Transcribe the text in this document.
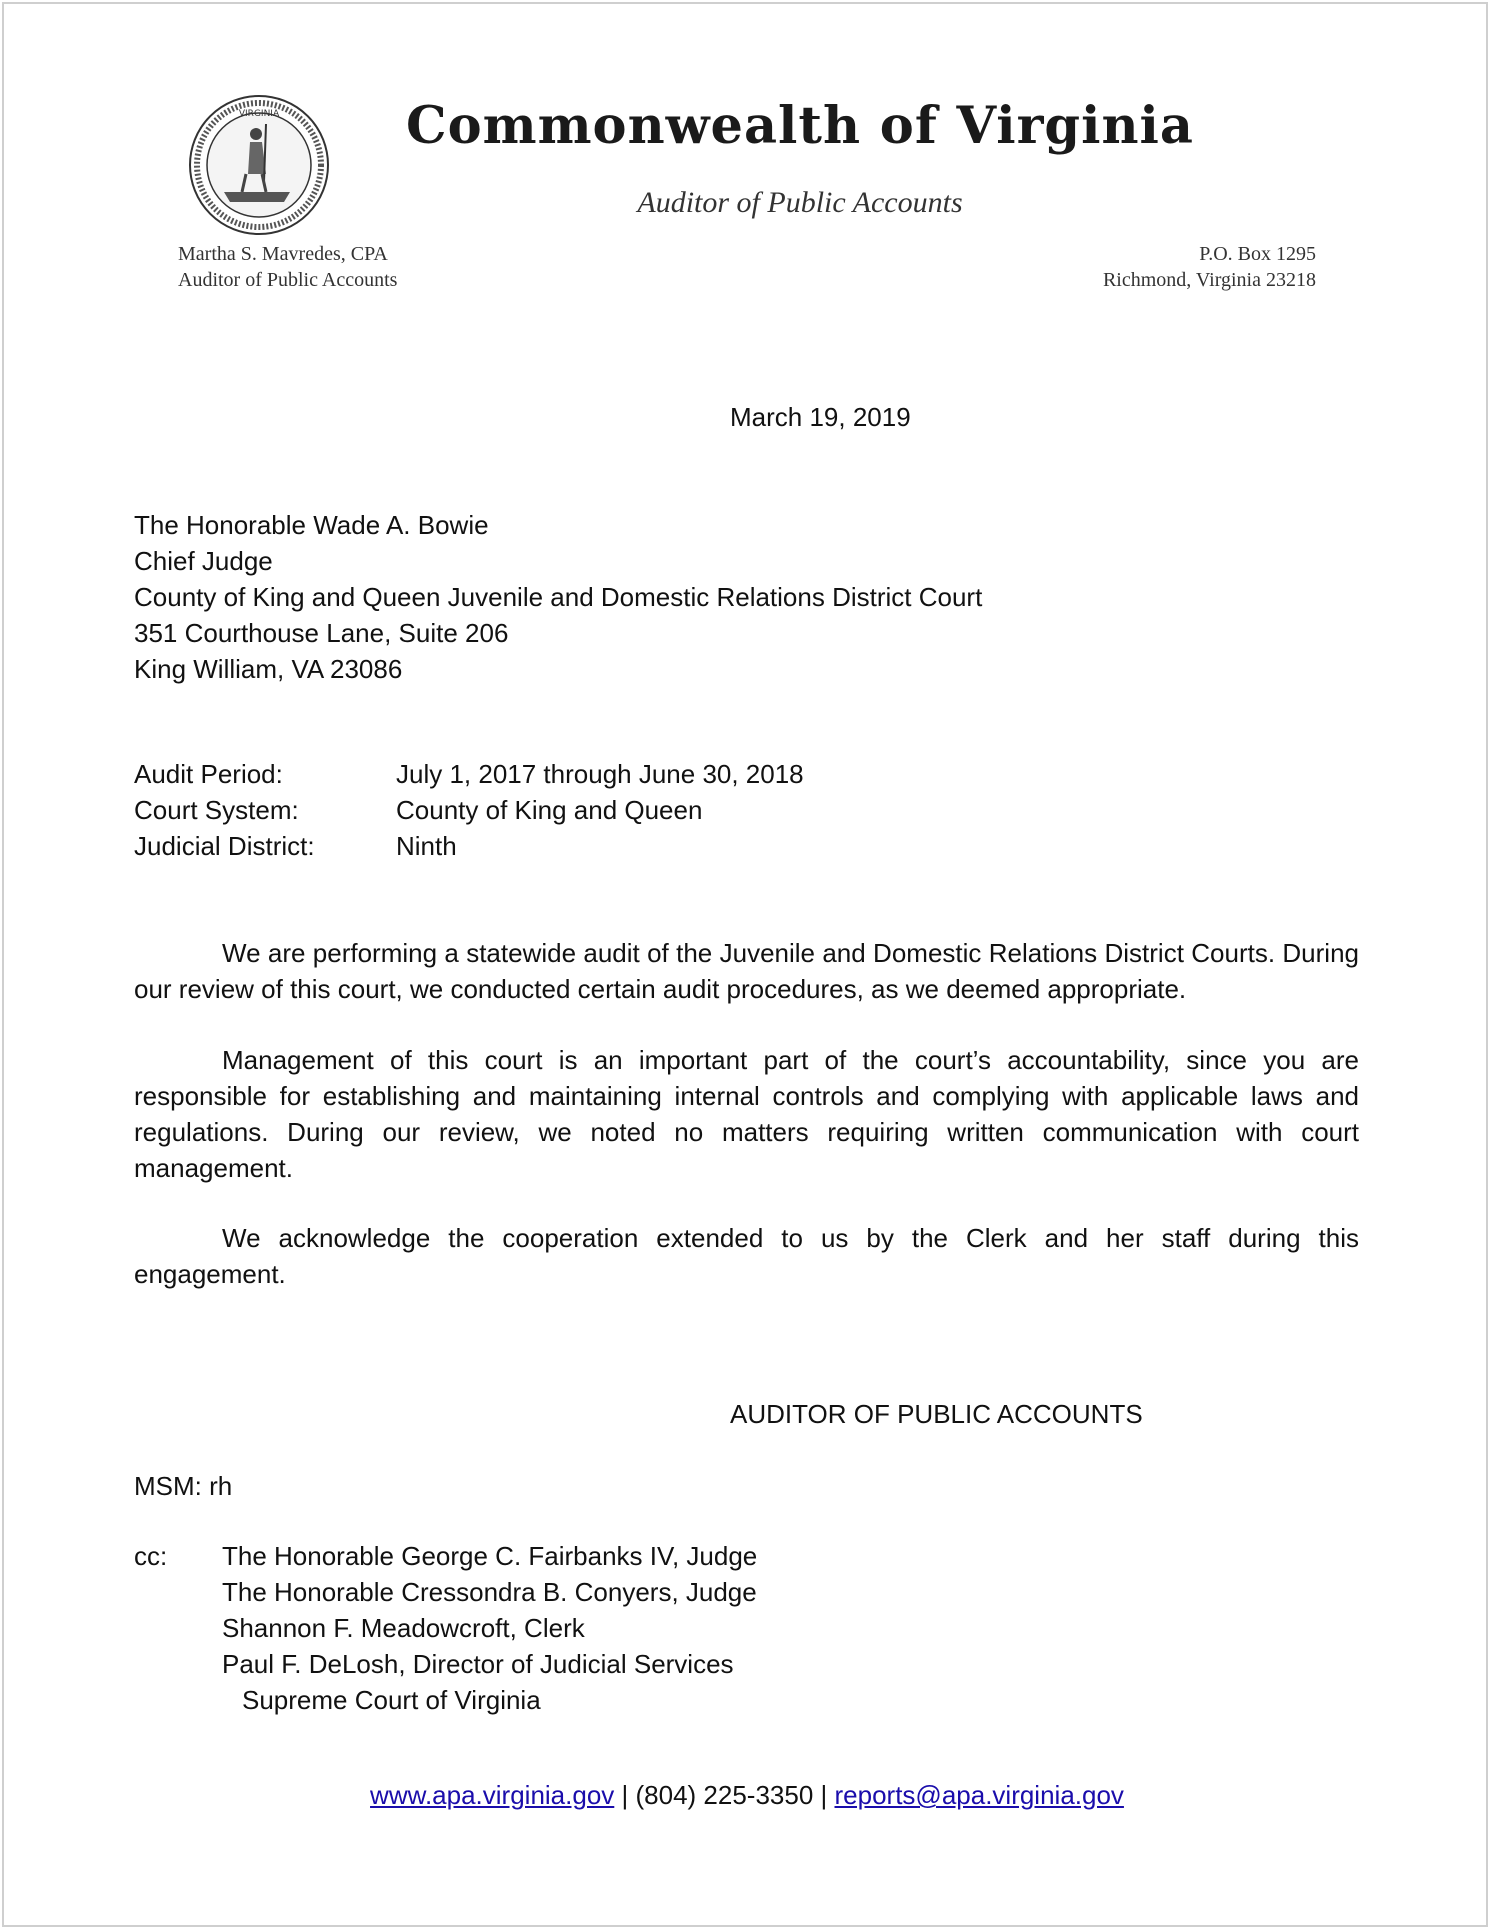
VIRGINIA	Commonwealth of Virginia
Auditor of Public Accounts
Martha S. Mavredes, CPA
Auditor of Public Accounts
P.O. Box 1295
Richmond, Virginia 23218
March 19, 2019
The Honorable Wade A. Bowie
Chief Judge
County of King and Queen Juvenile and Domestic Relations District Court
351 Courthouse Lane, Suite 206
King William, VA 23086
Audit Period:	July 1, 2017 through June 30, 2018
Court System:	County of King and Queen
Judicial District:	Ninth
We are performing a statewide audit of the Juvenile and Domestic Relations District Courts. During our review of this court, we conducted certain audit procedures, as we deemed appropriate.
Management of this court is an important part of the court’s accountability, since you are responsible for establishing and maintaining internal controls and complying with applicable laws and regulations. During our review, we noted no matters requiring written communication with court management.
We acknowledge the cooperation extended to us by the Clerk and her staff during this engagement.
AUDITOR OF PUBLIC ACCOUNTS
MSM: rh
cc:	The Honorable George C. Fairbanks IV, Judge
The Honorable Cressondra B. Conyers, Judge
Shannon F. Meadowcroft, Clerk
Paul F. DeLosh, Director of Judicial Services
Supreme Court of Virginia
www.apa.virginia.gov | (804) 225-3350 | reports@apa.virginia.gov
